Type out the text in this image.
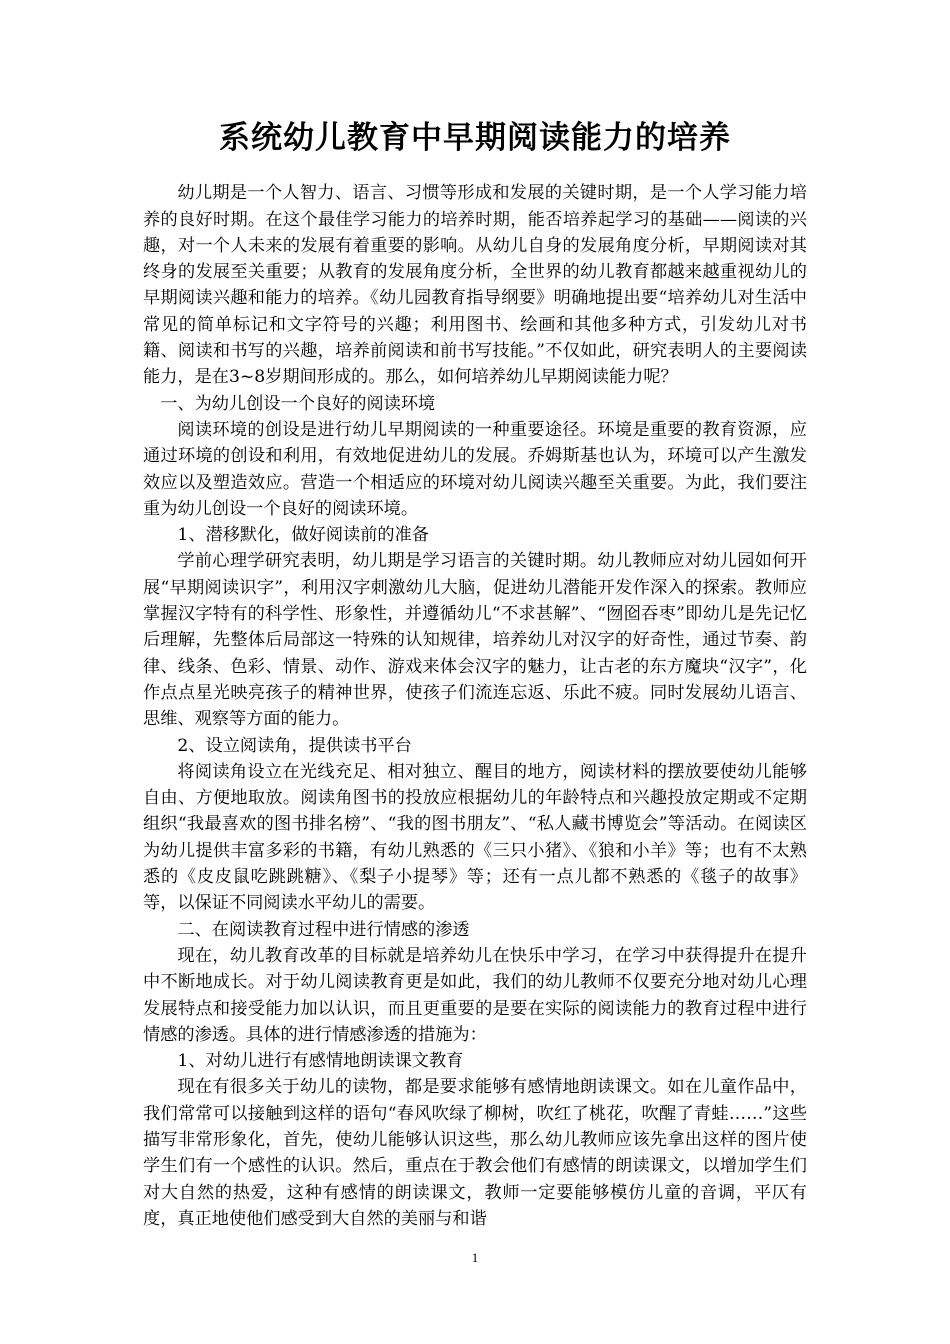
系统幼儿教育中早期阅读能力的培养

幼儿期是一个人智力、语言、习惯等形成和发展的关键时期，是一个人学习能力培养的良好时期。在这个最佳学习能力的培养时期，能否培养起学习的基础——阅读的兴趣，对一个人未来的发展有着重要的影响。从幼儿自身的发展角度分析，早期阅读对其终身的发展至关重要；从教育的发展角度分析，全世界的幼儿教育都越来越重视幼儿的早期阅读兴趣和能力的培养。《幼儿园教育指导纲要》明确地提出要“培养幼儿对生活中常见的简单标记和文字符号的兴趣；利用图书、绘画和其他多种方式，引发幼儿对书籍、阅读和书写的兴趣，培养前阅读和前书写技能。”不仅如此，研究表明人的主要阅读能力，是在3~8岁期间形成的。那么，如何培养幼儿早期阅读能力呢？

一、为幼儿创设一个良好的阅读环境

阅读环境的创设是进行幼儿早期阅读的一种重要途径。环境是重要的教育资源，应通过环境的创设和利用，有效地促进幼儿的发展。乔姆斯基也认为，环境可以产生激发效应以及塑造效应。营造一个相适应的环境对幼儿阅读兴趣至关重要。为此，我们要注重为幼儿创设一个良好的阅读环境。

1、潜移默化，做好阅读前的准备

学前心理学研究表明，幼儿期是学习语言的关键时期。幼儿教师应对幼儿园如何开展“早期阅读识字”，利用汉字刺激幼儿大脑，促进幼儿潜能开发作深入的探索。教师应掌握汉字特有的科学性、形象性，并遵循幼儿“不求甚解”、“囫囵吞枣”即幼儿是先记忆后理解，先整体后局部这一特殊的认知规律，培养幼儿对汉字的好奇性，通过节奏、韵律、线条、色彩、情景、动作、游戏来体会汉字的魅力，让古老的东方魔块“汉字”，化作点点星光映亮孩子的精神世界，使孩子们流连忘返、乐此不疲。同时发展幼儿语言、思维、观察等方面的能力。

2、设立阅读角，提供读书平台

将阅读角设立在光线充足、相对独立、醒目的地方，阅读材料的摆放要使幼儿能够自由、方便地取放。阅读角图书的投放应根据幼儿的年龄特点和兴趣投放定期或不定期组织“我最喜欢的图书排名榜”、“我的图书朋友”、“私人藏书博览会”等活动。在阅读区为幼儿提供丰富多彩的书籍，有幼儿熟悉的《三只小猪》、《狼和小羊》等；也有不太熟悉的《皮皮鼠吃跳跳糖》、《梨子小提琴》等；还有一点儿都不熟悉的《毯子的故事》等，以保证不同阅读水平幼儿的需要。

二、在阅读教育过程中进行情感的渗透

现在，幼儿教育改革的目标就是培养幼儿在快乐中学习，在学习中获得提升在提升中不断地成长。对于幼儿阅读教育更是如此，我们的幼儿教师不仅要充分地对幼儿心理发展特点和接受能力加以认识，而且更重要的是要在实际的阅读能力的教育过程中进行情感的渗透。具体的进行情感渗透的措施为：

1、对幼儿进行有感情地朗读课文教育

现在有很多关于幼儿的读物，都是要求能够有感情地朗读课文。如在儿童作品中，我们常常可以接触到这样的语句“春风吹绿了柳树，吹红了桃花，吹醒了青蛙……”这些描写非常形象化，首先，使幼儿能够认识这些，那么幼儿教师应该先拿出这样的图片使学生们有一个感性的认识。然后，重点在于教会他们有感情的朗读课文，以增加学生们对大自然的热爱，这种有感情的朗读课文，教师一定要能够模仿儿童的音调，平仄有度，真正地使他们感受到大自然的美丽与和谐

1
